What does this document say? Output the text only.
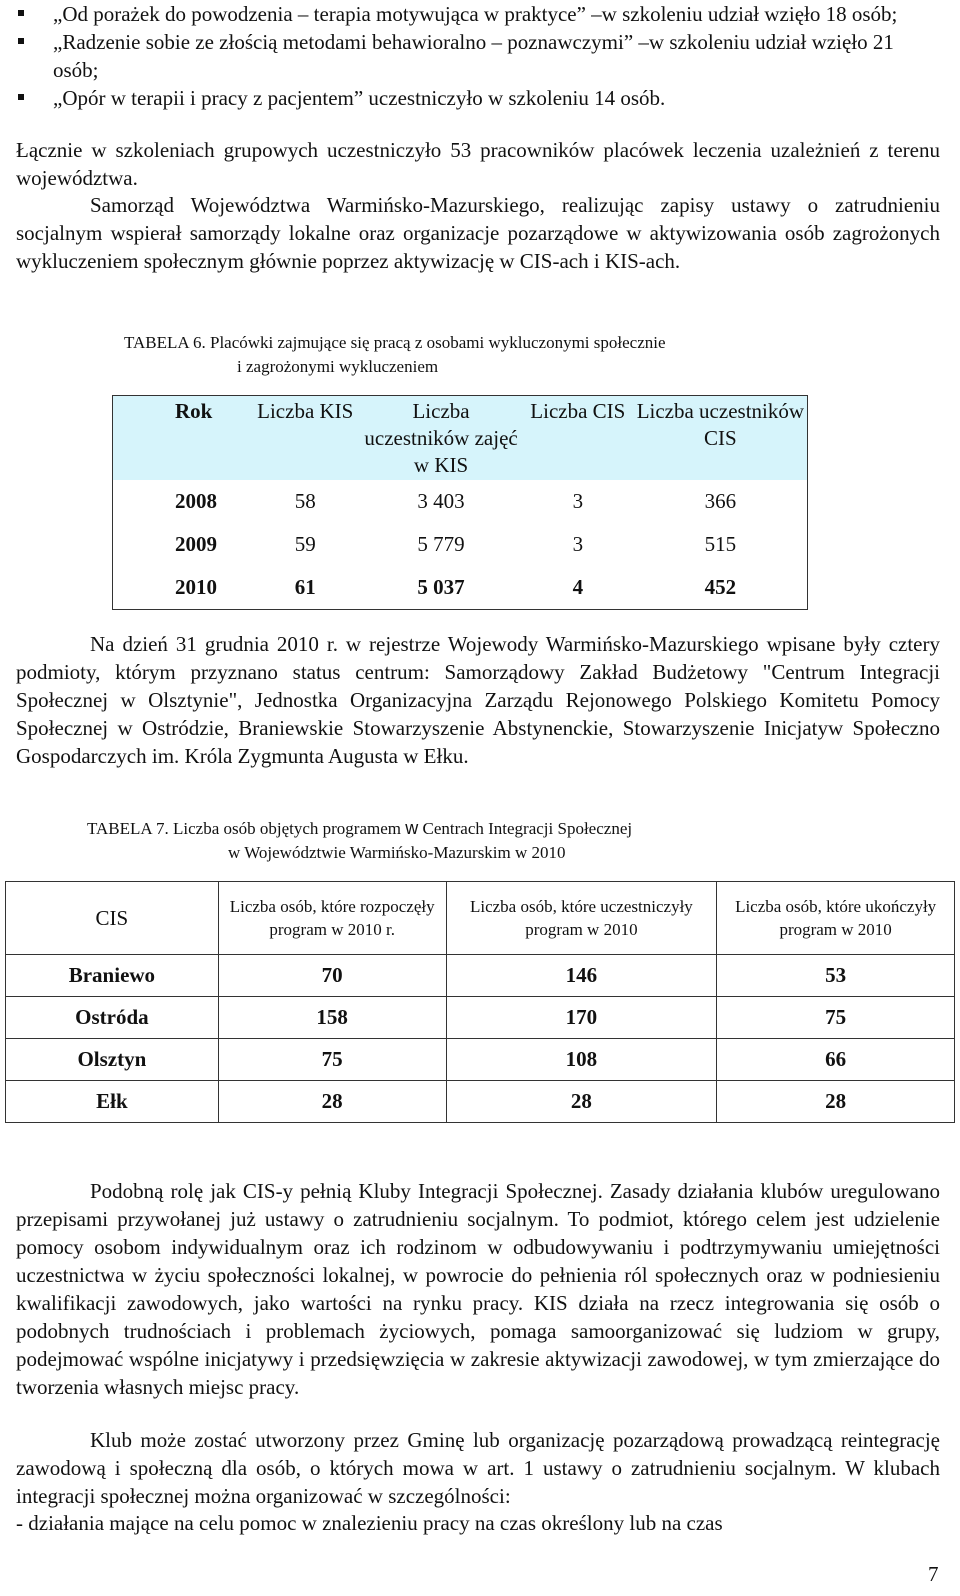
„Od porażek do powodzenia – terapia motywująca w praktyce” –w szkoleniu udział wzięło 18 osób;
„Radzenie sobie ze złością metodami behawioralno – poznawczymi” –w szkoleniu udział wzięło 21 osób;
„Opór w terapii i pracy z pacjentem” uczestniczyło w szkoleniu 14 osób.

Łącznie w szkoleniach grupowych uczestniczyło 53 pracowników placówek leczenia uzależnień z terenu województwa.

Samorząd Województwa Warmińsko-Mazurskiego, realizując zapisy ustawy o zatrudnieniu socjalnym wspierał samorządy lokalne oraz organizacje pozarządowe w aktywizowania osób zagrożonych wykluczeniem społecznym głównie poprzez aktywizację w CIS-ach i KIS-ach.

TABELA 6. Placówki zajmujące się pracą z osobami wykluczonymi społecznie

i zagrożonymi wykluczeniem

Rok	Liczba KIS	Liczba uczestników zajęć w KIS	Liczba CIS	Liczba uczestników CIS
2008	58	3 403	3	366
2009	59	5 779	3	515
2010	61	5 037	4	452

Na dzień 31 grudnia 2010 r. w rejestrze Wojewody Warmińsko-Mazurskiego wpisane były cztery podmioty, którym przyznano status centrum: Samorządowy Zakład Budżetowy "Centrum Integracji Społecznej w Olsztynie", Jednostka Organizacyjna Zarządu Rejonowego Polskiego Komitetu Pomocy Społecznej w Ostródzie, Braniewskie Stowarzyszenie Abstynenckie, Stowarzyszenie Inicjatyw Społeczno Gospodarczych im. Króla Zygmunta Augusta w Ełku.

TABELA 7. Liczba osób objętych programem w Centrach Integracji Społecznej

w Województwie Warmińsko-Mazurskim w 2010

CIS	Liczba osób, które rozpoczęły program w 2010 r.	Liczba osób, które uczestniczyły program w 2010	Liczba osób, które ukończyły program w 2010
Braniewo	70	146	53
Ostróda	158	170	75
Olsztyn	75	108	66
Ełk	28	28	28

Podobną rolę jak CIS-y pełnią Kluby Integracji Społecznej. Zasady działania klubów uregulowano przepisami przywołanej już ustawy o zatrudnieniu socjalnym. To podmiot, którego celem jest udzielenie pomocy osobom indywidualnym oraz ich rodzinom w odbudowywaniu i podtrzymywaniu umiejętności uczestnictwa w życiu społeczności lokalnej, w powrocie do pełnienia ról społecznych oraz w podniesieniu kwalifikacji zawodowych, jako wartości na rynku pracy. KIS działa na rzecz integrowania się osób o podobnych trudnościach i problemach życiowych, pomaga samoorganizować się ludziom w grupy, podejmować wspólne inicjatywy i przedsięwzięcia w zakresie aktywizacji zawodowej, w tym zmierzające do tworzenia własnych miejsc pracy.

Klub może zostać utworzony przez Gminę lub organizację pozarządową prowadzącą reintegrację zawodową i społeczną dla osób, o których mowa w art. 1 ustawy o zatrudnieniu socjalnym. W klubach integracji społecznej można organizować w szczególności:

- działania mające na celu pomoc w znalezieniu pracy na czas określony lub na czas

7
